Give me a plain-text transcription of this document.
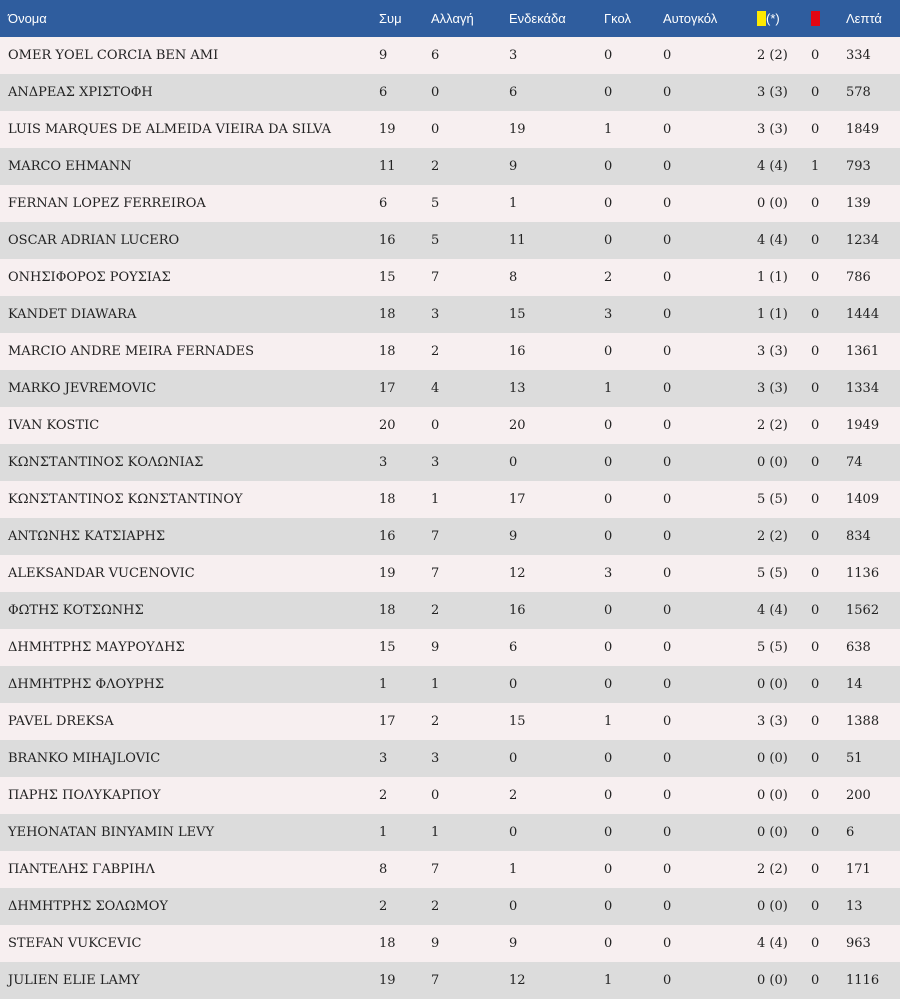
Όνομα	Συμ	Αλλαγή	Ενδεκάδα	Γκολ	Αυτογκόλ	(*)		Λεπτά
OMER YOEL CORCIA BEN AMI	9	6	3	0	0	2 (2)	0	334
ΑΝΔΡΕΑΣ ΧΡΙΣΤΟΦΗ	6	0	6	0	0	3 (3)	0	578
LUIS MARQUES DE ALMEIDA VIEIRA DA SILVA	19	0	19	1	0	3 (3)	0	1849
MARCO EHMANN	11	2	9	0	0	4 (4)	1	793
FERNAN LOPEZ FERREIROA	6	5	1	0	0	0 (0)	0	139
OSCAR ADRIAN LUCERO	16	5	11	0	0	4 (4)	0	1234
ΟΝΗΣΙΦΟΡΟΣ ΡΟΥΣΙΑΣ	15	7	8	2	0	1 (1)	0	786
KANDET DIAWARA	18	3	15	3	0	1 (1)	0	1444
MARCIO ANDRE MEIRA FERNADES	18	2	16	0	0	3 (3)	0	1361
MARKO JEVREMOVIC	17	4	13	1	0	3 (3)	0	1334
IVAN KOSTIC	20	0	20	0	0	2 (2)	0	1949
ΚΩΝΣΤΑΝΤΙΝΟΣ ΚΟΛΩΝΙΑΣ	3	3	0	0	0	0 (0)	0	74
ΚΩΝΣΤΑΝΤΙΝΟΣ ΚΩΝΣΤΑΝΤΙΝΟΥ	18	1	17	0	0	5 (5)	0	1409
ΑΝΤΩΝΗΣ ΚΑΤΣΙΑΡΗΣ	16	7	9	0	0	2 (2)	0	834
ALEKSANDAR VUCENOVIC	19	7	12	3	0	5 (5)	0	1136
ΦΩΤΗΣ ΚΟΤΣΩΝΗΣ	18	2	16	0	0	4 (4)	0	1562
ΔΗΜΗΤΡΗΣ ΜΑΥΡΟΥΔΗΣ	15	9	6	0	0	5 (5)	0	638
ΔΗΜΗΤΡΗΣ ΦΛΟΥΡΗΣ	1	1	0	0	0	0 (0)	0	14
PAVEL DREKSA	17	2	15	1	0	3 (3)	0	1388
BRANKO MIHAJLOVIC	3	3	0	0	0	0 (0)	0	51
ΠΑΡΗΣ ΠΟΛΥΚΑΡΠΟΥ	2	0	2	0	0	0 (0)	0	200
YEHONATAN BINYAMIN LEVY	1	1	0	0	0	0 (0)	0	6
ΠΑΝΤΕΛΗΣ ΓΑΒΡΙΗΛ	8	7	1	0	0	2 (2)	0	171
ΔΗΜΗΤΡΗΣ ΣΟΛΩΜΟΥ	2	2	0	0	0	0 (0)	0	13
STEFAN VUKCEVIC	18	9	9	0	0	4 (4)	0	963
JULIEN ELIE LAMY	19	7	12	1	0	0 (0)	0	1116
